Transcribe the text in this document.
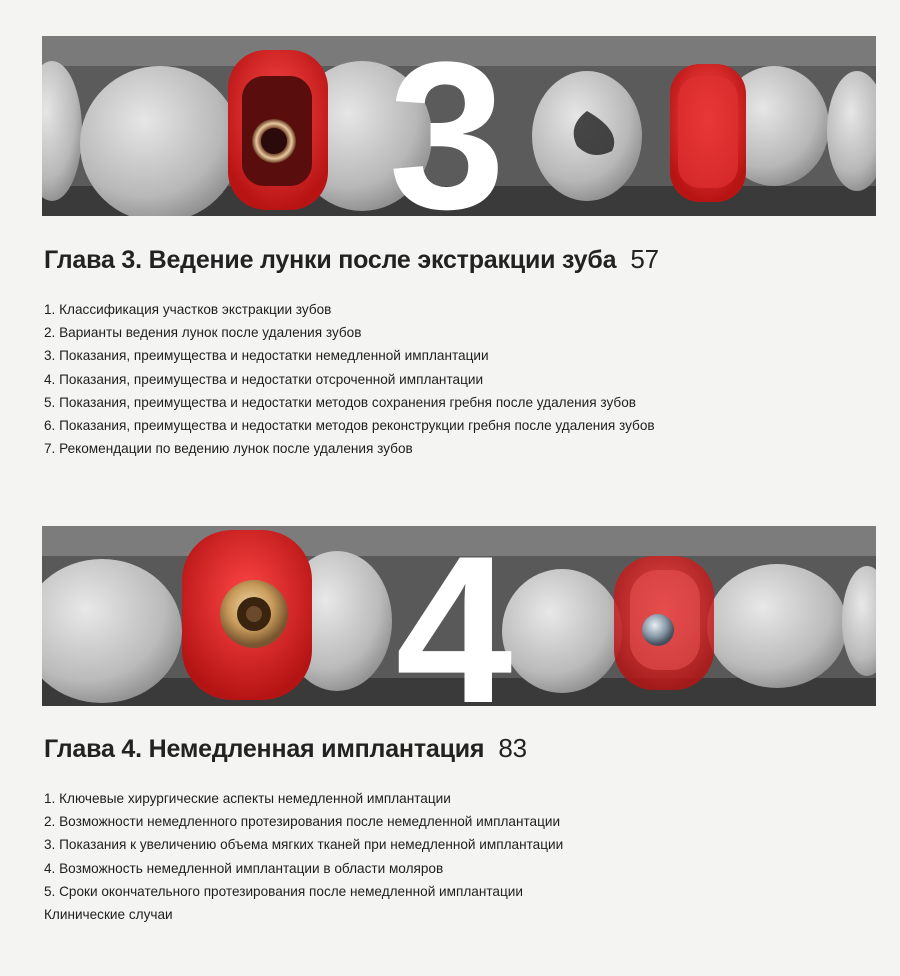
3
Глава 3. Ведение лунки после экстракции зуба 57
1. Классификация участков экстракции зубов
2. Варианты ведения лунок после удаления зубов
3. Показания, преимущества и недостатки немедленной имплантации
4. Показания, преимущества и недостатки отсроченной имплантации
5. Показания, преимущества и недостатки методов сохранения гребня после удаления зубов
6. Показания, преимущества и недостатки методов реконструкции гребня после удаления зубов
7. Рекомендации по ведению лунок после удаления зубов
4
Глава 4. Немедленная имплантация 83
1. Ключевые хирургические аспекты немедленной имплантации
2. Возможности немедленного протезирования после немедленной имплантации
3. Показания к увеличению объема мягких тканей при немедленной имплантации
4. Возможность немедленной имплантации в области моляров
5. Сроки окончательного протезирования после немедленной имплантации
Клинические случаи
